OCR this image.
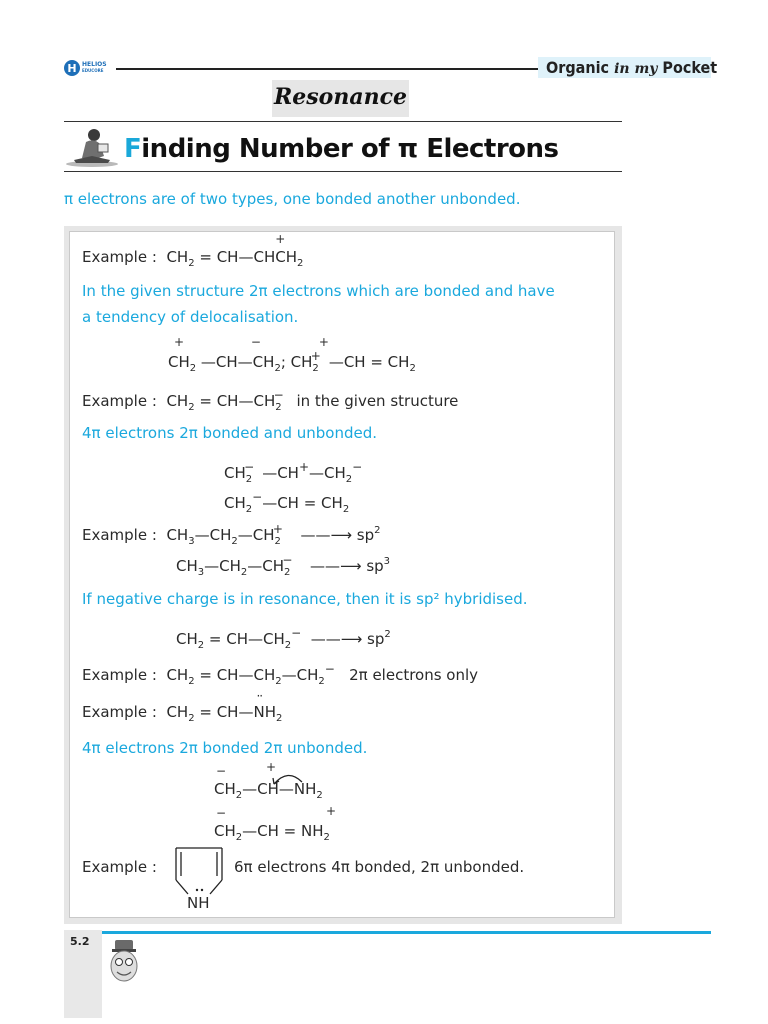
H HELIOS
EDUCORE	Organic in my Pocket
Resonance
Finding Number of π Electrons
π electrons are of two types, one bonded another unbonded.
Example : $CH_2$ = CH—CH
+
$CH_2$
In the given structure 2π electrons which are bonded and have
a tendency of delocalisation.
+
$CH_2$
−	+
$—CH—CH_2$; $CH_2^+$ —CH = $CH_2$
Example : $CH_2$ = $CH—CH_2^-$ in the given structure
4π electrons 2π bonded and unbonded.
$CH_2^-$ $—CH^+—CH_2^-$
$CH_2^-—CH = CH_2$
Example : $CH_3—CH_2—CH_2^+$  ——⟶ $sp^2$
$CH_3—CH_2—CH_2^-$  ——⟶ $sp^3$
If negative charge is in resonance, then it is sp² hybridised.
$CH_2$ = $CH—CH_2^-$  ——⟶ $sp^2$
Example : $CH_2$ = $CH—CH_2—CH_2^-$ 2π electrons only
Example : $CH_2$ = CH—
··
$NH_2$
4π electrons 2π bonded 2π unbonded.
−	+
$CH_2—CH—NH_2$
−	+
$CH_2—CH = NH_2$
Example :
NH
6π electrons 4π bonded, 2π unbonded.
5.2
